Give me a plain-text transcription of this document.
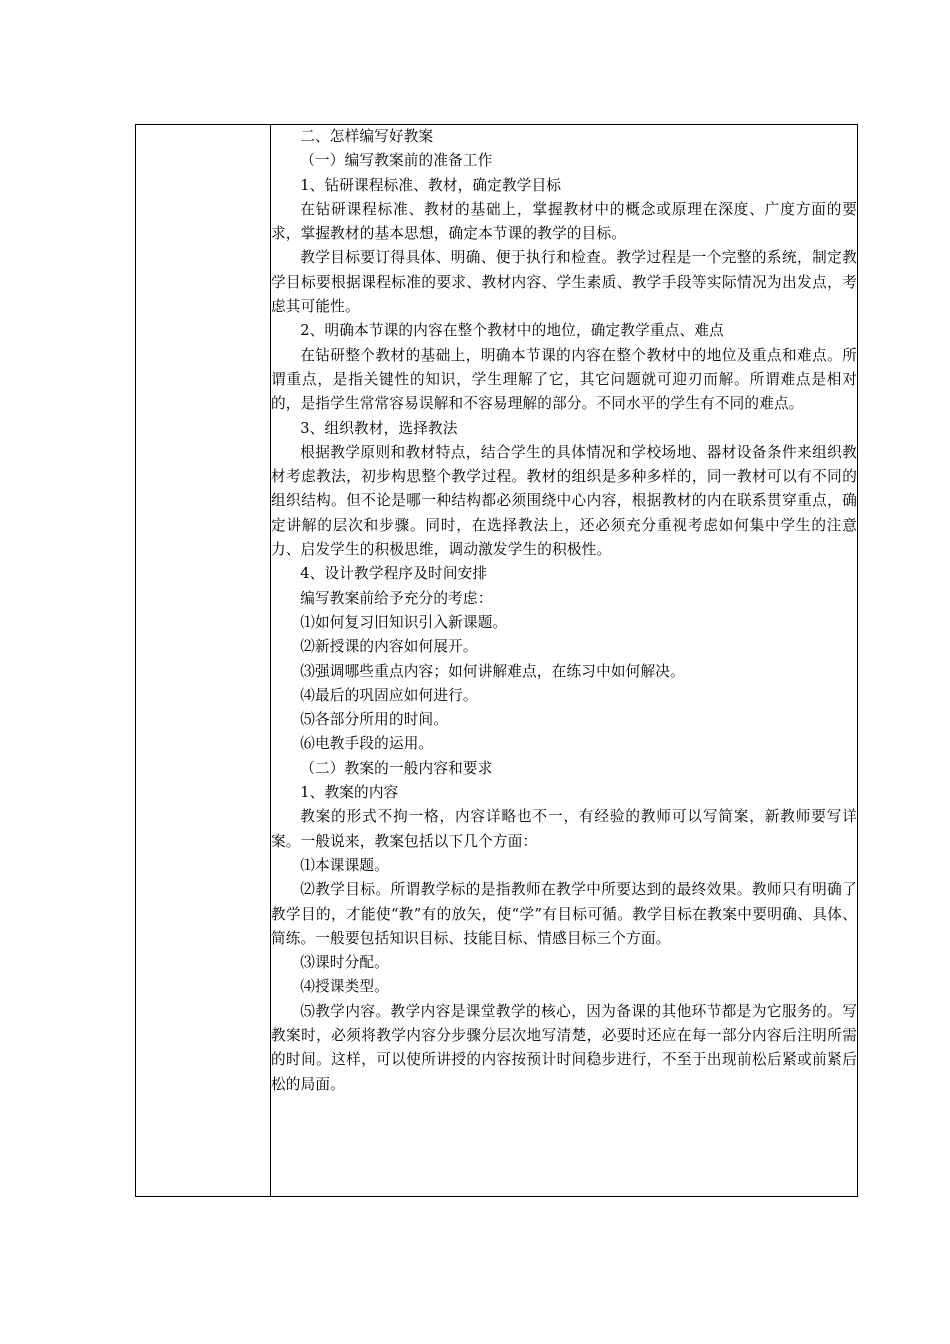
二、怎样编写好教案

（一）编写教案前的准备工作

1、钻研课程标准、教材，确定教学目标

在钻研课程标准、教材的基础上，掌握教材中的概念或原理在深度、广度方面的要求，掌握教材的基本思想，确定本节课的教学的目标。

教学目标要订得具体、明确、便于执行和检查。教学过程是一个完整的系统，制定教学目标要根据课程标准的要求、教材内容、学生素质、教学手段等实际情况为出发点，考虑其可能性。

2、明确本节课的内容在整个教材中的地位，确定教学重点、难点

在钻研整个教材的基础上，明确本节课的内容在整个教材中的地位及重点和难点。所谓重点，是指关键性的知识，学生理解了它，其它问题就可迎刃而解。所谓难点是相对的，是指学生常常容易误解和不容易理解的部分。不同水平的学生有不同的难点。

3、组织教材，选择教法

根据教学原则和教材特点，结合学生的具体情况和学校场地、器材设备条件来组织教材考虑教法，初步构思整个教学过程。教材的组织是多种多样的，同一教材可以有不同的组织结构。但不论是哪一种结构都必须围绕中心内容，根据教材的内在联系贯穿重点，确定讲解的层次和步骤。同时，在选择教法上，还必须充分重视考虑如何集中学生的注意力、启发学生的积极思维，调动激发学生的积极性。

4、设计教学程序及时间安排

编写教案前给予充分的考虑：

⑴如何复习旧知识引入新课题。

⑵新授课的内容如何展开。

⑶强调哪些重点内容；如何讲解难点，在练习中如何解决。

⑷最后的巩固应如何进行。

⑸各部分所用的时间。

⑹电教手段的运用。

（二）教案的一般内容和要求

1、教案的内容

教案的形式不拘一格，内容详略也不一，有经验的教师可以写简案，新教师要写详案。一般说来，教案包括以下几个方面：

⑴本课课题。

⑵教学目标。所谓教学标的是指教师在教学中所要达到的最终效果。教师只有明确了教学目的，才能使“教”有的放矢，使“学”有目标可循。教学目标在教案中要明确、具体、简练。一般要包括知识目标、技能目标、情感目标三个方面。

⑶课时分配。

⑷授课类型。

⑸教学内容。教学内容是课堂教学的核心，因为备课的其他环节都是为它服务的。写教案时，必须将教学内容分步骤分层次地写清楚，必要时还应在每一部分内容后注明所需的时间。这样，可以使所讲授的内容按预计时间稳步进行，不至于出现前松后紧或前紧后松的局面。
